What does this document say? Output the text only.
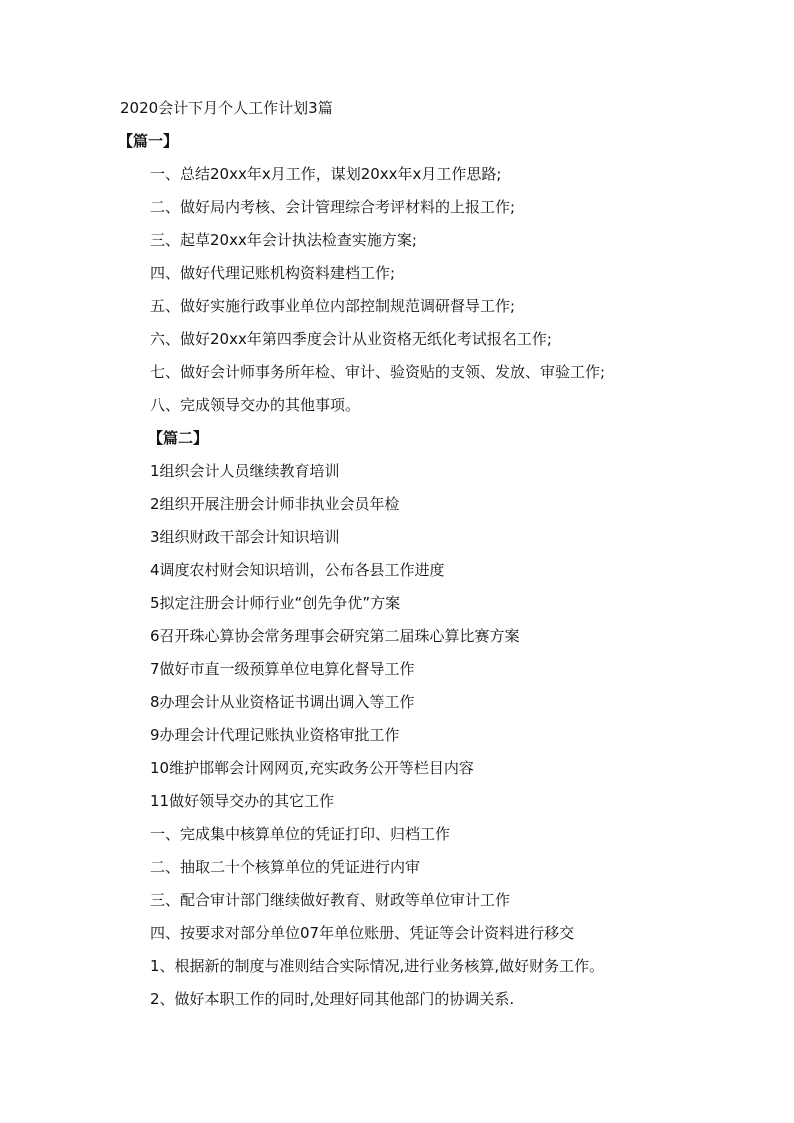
2020会计下月个人工作计划3篇
【篇一】
一、总结20xx年x月工作，谋划20xx年x月工作思路;
二、做好局内考核、会计管理综合考评材料的上报工作;
三、起草20xx年会计执法检查实施方案;
四、做好代理记账机构资料建档工作;
五、做好实施行政事业单位内部控制规范调研督导工作;
六、做好20xx年第四季度会计从业资格无纸化考试报名工作;
七、做好会计师事务所年检、审计、验资贴的支领、发放、审验工作;
八、完成领导交办的其他事项。
【篇二】
1组织会计人员继续教育培训
2组织开展注册会计师非执业会员年检
3组织财政干部会计知识培训
4调度农村财会知识培训，公布各县工作进度
5拟定注册会计师行业“创先争优”方案
6召开珠心算协会常务理事会研究第二届珠心算比赛方案
7做好市直一级预算单位电算化督导工作
8办理会计从业资格证书调出调入等工作
9办理会计代理记账执业资格审批工作
10维护邯郸会计网网页,充实政务公开等栏目内容
11做好领导交办的其它工作
一、完成集中核算单位的凭证打印、归档工作
二、抽取二十个核算单位的凭证进行内审
三、配合审计部门继续做好教育、财政等单位审计工作
四、按要求对部分单位07年单位账册、凭证等会计资料进行移交
1、根据新的制度与准则结合实际情况,进行业务核算,做好财务工作。
2、做好本职工作的同时,处理好同其他部门的协调关系.
